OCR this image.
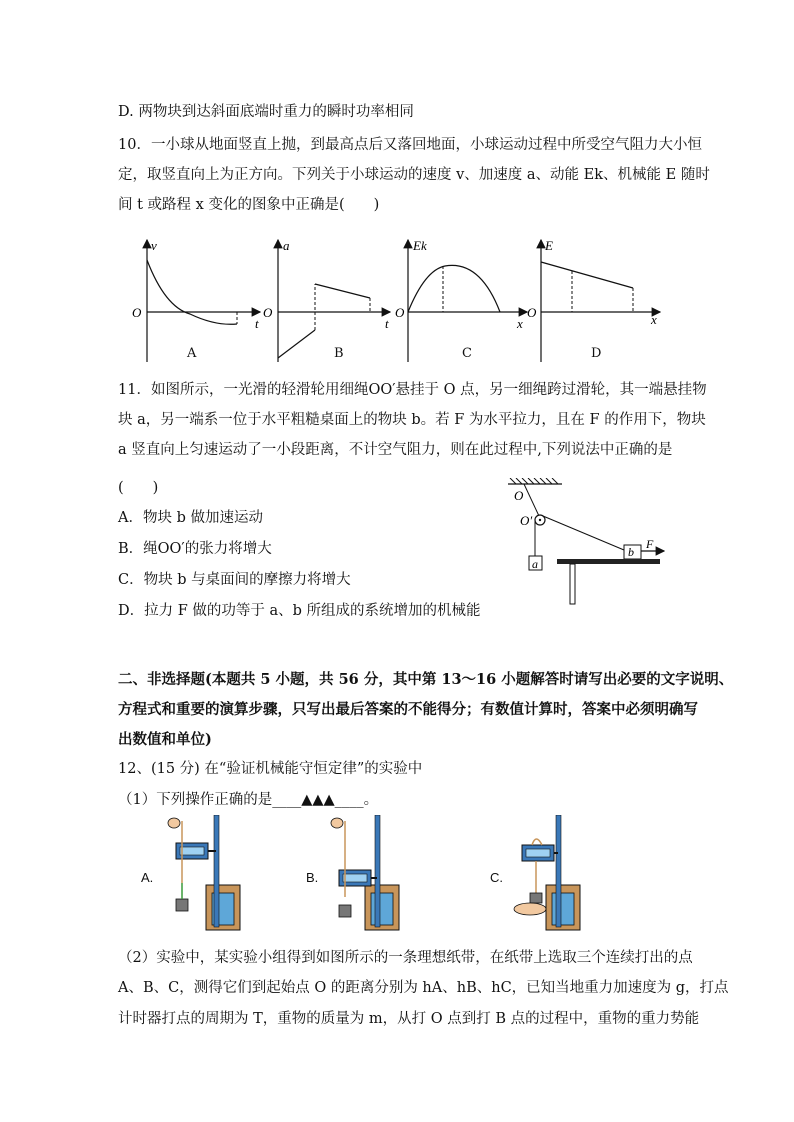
D. 两物块到达斜面底端时重力的瞬时功率相同
10．一小球从地面竖直上抛，到最高点后又落回地面，小球运动过程中所受空气阻力大小恒
定，取竖直向上为正方向。下列关于小球运动的速度 v、加速度 a、动能 Ek、机械能 E 随时
间 t 或路程 x 变化的图象中正确是(　　)
O
v
t
O
a
t
O
Ek
x
O
E
x
A	B	C	D
11．如图所示，一光滑的轻滑轮用细绳OO′悬挂于 O 点，另一细绳跨过滑轮，其一端悬挂物
块 a，另一端系一位于水平粗糙桌面上的物块 b。若 F 为水平拉力，且在 F 的作用下，物块
a 竖直向上匀速运动了一小段距离，不计空气阻力，则在此过程中,下列说法中正确的是
(　　)
A．物块 b 做加速运动
B．绳OO′的张力将增大
C．物块 b 与桌面间的摩擦力将增大
D．拉力 F 做的功等于 a、b 所组成的系统增加的机械能
O
O′
a
b
F
二、非选择题(本题共 5 小题，共 56 分，其中第 13～16 小题解答时请写出必要的文字说明、
方程式和重要的演算步骤，只写出最后答案的不能得分；有数值计算时，答案中必须明确写
出数值和单位)
12、(15 分) 在“验证机械能守恒定律”的实验中
（1）下列操作正确的是____▲▲▲____。
A.	B.	C.
（2）实验中，某实验小组得到如图所示的一条理想纸带，在纸带上选取三个连续打出的点
A、B、C，测得它们到起始点 O 的距离分别为 hA、hB、hC，已知当地重力加速度为 g，打点
计时器打点的周期为 T，重物的质量为 m，从打 O 点到打 B 点的过程中，重物的重力势能
